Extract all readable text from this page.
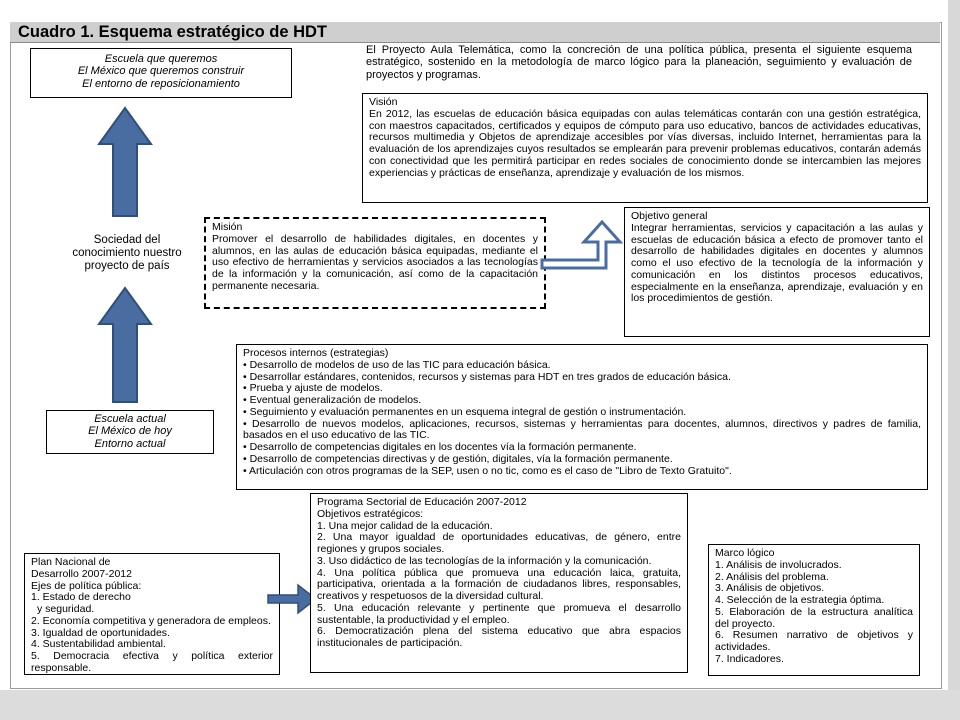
Cuadro 1. Esquema estratégico de HDT
Escuela que queremos
El México que queremos construir
El entorno de reposicionamiento
El Proyecto Aula Telemática, como la concreción de una política pública, presenta el siguiente esquema estratégico, sostenido en la metodología de marco lógico para la planeación, seguimiento y evaluación de proyectos y programas.
Visión
En 2012, las escuelas de educación básica equipadas con aulas telemáticas contarán con una gestión estratégica, con maestros capacitados, certificados y equipos de cómputo para uso educativo, bancos de actividades educativas, recursos multimedia y Objetos de aprendizaje accesibles por vías diversas, incluido Internet, herramientas para la evaluación de los aprendizajes cuyos resultados se emplearán para prevenir problemas educativos, contarán además con conectividad que les permitirá participar en redes sociales de conocimiento donde se intercambien las mejores experiencias y prácticas de enseñanza, aprendizaje y evaluación de los mismos.
Sociedad del conocimiento nuestro proyecto de país
Misión
Promover el desarrollo de habilidades digitales, en docentes y alumnos, en las aulas de educación básica equipadas, mediante el uso efectivo de herramientas y servicios asociados a las tecnologías de la información y la comunicación, así como de la capacitación permanente necesaria.
Objetivo general
Integrar herramientas, servicios y capacitación a las aulas y escuelas de educación básica a efecto de promover tanto el desarrollo de habilidades digitales en docentes y alumnos como el uso efectivo de la tecnología de la información y comunicación en los distintos procesos educativos, especialmente en la enseñanza, aprendizaje, evaluación y en los procedimientos de gestión.
Procesos internos (estrategias)
• Desarrollo de modelos de uso de las TIC para educación básica.
• Desarrollar estándares, contenidos, recursos y sistemas para HDT en tres grados de educación básica.
• Prueba y ajuste de modelos.
• Eventual generalización de modelos.
• Seguimiento y evaluación permanentes en un esquema integral de gestión o instrumentación.
• Desarrollo de nuevos modelos, aplicaciones, recursos, sistemas y herramientas para docentes, alumnos, directivos y padres de familia, basados en el uso educativo de las TIC.
• Desarrollo de competencias digitales en los docentes vía la formación permanente.
• Desarrollo de competencias directivas y de gestión, digitales, vía la formación permanente.
• Articulación con otros programas de la SEP, usen o no tic, como es el caso de "Libro de Texto Gratuito".
Escuela actual
El México de hoy
Entorno actual
Plan Nacional de
Desarrollo 2007-2012
Ejes de política pública:
1. Estado de derecho
y seguridad.
2. Economía competitiva y generadora de empleos.
3. Igualdad de oportunidades.
4. Sustentabilidad ambiental.
5. Democracia efectiva y política exterior responsable.
Programa Sectorial de Educación 2007-2012
Objetivos estratégicos:
1. Una mejor calidad de la educación.
2. Una mayor igualdad de oportunidades educativas, de género, entre regiones y grupos sociales.
3. Uso didáctico de las tecnologías de la información y la comunicación.
4. Una política pública que promueva una educación laica, gratuita, participativa, orientada a la formación de ciudadanos libres, responsables, creativos y respetuosos de la diversidad cultural.
5. Una educación relevante y pertinente que promueva el desarrollo sustentable, la productividad y el empleo.
6. Democratización plena del sistema educativo que abra espacios institucionales de participación.
Marco lógico
1. Análisis de involucrados.
2. Análisis del problema.
3. Análisis de objetivos.
4. Selección de la estrategia óptima.
5. Elaboración de la estructura analítica del proyecto.
6. Resumen narrativo de objetivos y actividades.
7. Indicadores.
